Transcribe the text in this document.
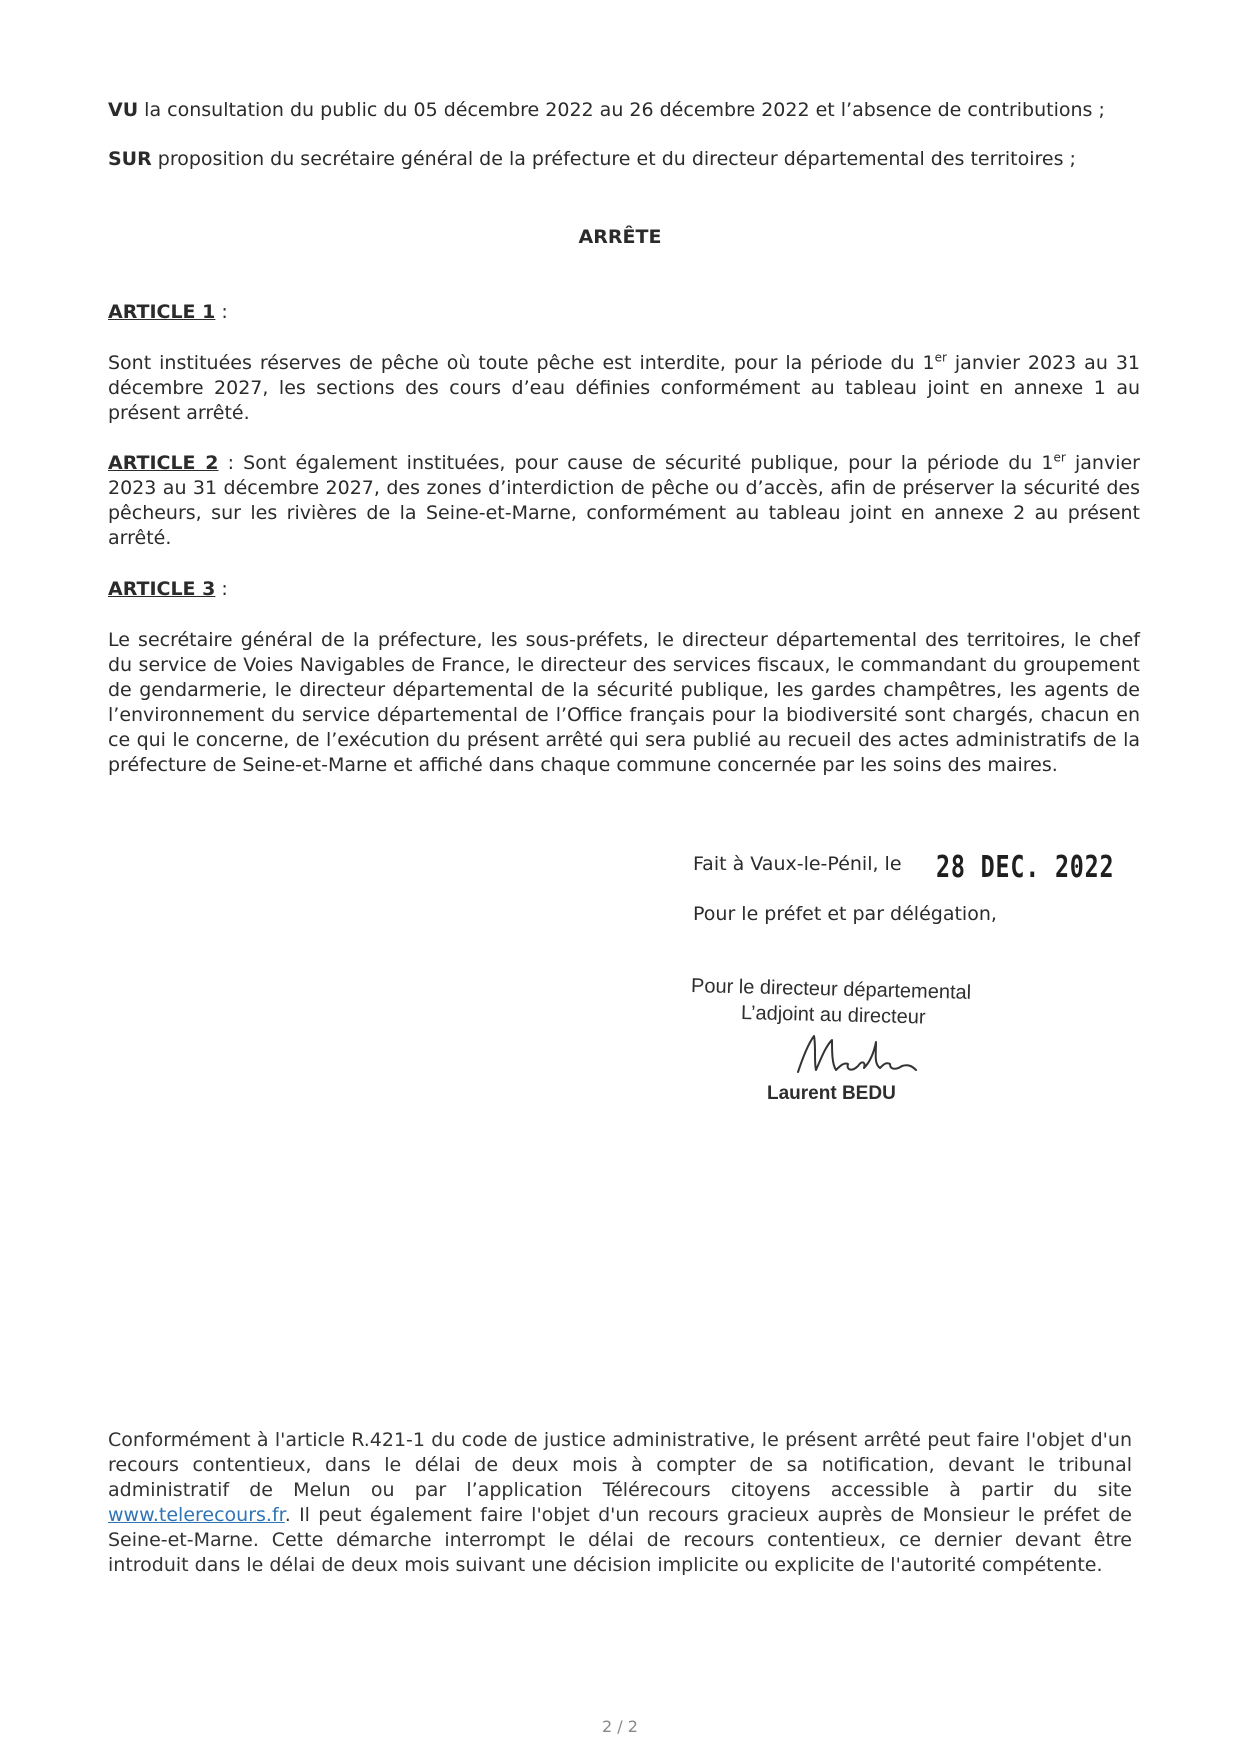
VU la consultation du public du 05 décembre 2022 au 26 décembre 2022 et l’absence de contributions ;
SUR proposition du secrétaire général de la préfecture et du directeur départemental des territoires ;
ARRÊTE
ARTICLE 1 :
Sont instituées réserves de pêche où toute pêche est interdite, pour la période du 1er janvier 2023 au 31 décembre 2027, les sections des cours d’eau définies conformément au tableau joint en annexe 1 au présent arrêté.
ARTICLE 2 : Sont également instituées, pour cause de sécurité publique, pour la période du 1er janvier 2023 au 31 décembre 2027, des zones d’interdiction de pêche ou d’accès, afin de préserver la sécurité des pêcheurs, sur les rivières de la Seine-et-Marne, conformément au tableau joint en annexe 2 au présent arrêté.
ARTICLE 3 :
Le secrétaire général de la préfecture, les sous-préfets, le directeur départemental des territoires, le chef du service de Voies Navigables de France, le directeur des services fiscaux, le commandant du groupement de gendarmerie, le directeur départemental de la sécurité publique, les gardes champêtres, les agents de l’environnement du service départemental de l’Office français pour la biodiversité sont chargés, chacun en ce qui le concerne, de l’exécution du présent arrêté qui sera publié au recueil des actes administratifs de la préfecture de Seine-et-Marne et affiché dans chaque commune concernée par les soins des maires.
Fait à Vaux-le-Pénil, le 28 DEC. 2022
Pour le préfet et par délégation,
Pour le directeur départemental
L’adjoint au directeur
Laurent BEDU
Conformément à l'article R.421-1 du code de justice administrative, le présent arrêté peut faire l'objet d'un recours contentieux, dans le délai de deux mois à compter de sa notification, devant le tribunal administratif de Melun ou par l’application Télérecours citoyens accessible à partir du site www.telerecours.fr. Il peut également faire l'objet d'un recours gracieux auprès de Monsieur le préfet de Seine-et-Marne. Cette démarche interrompt le délai de recours contentieux, ce dernier devant être introduit dans le délai de deux mois suivant une décision implicite ou explicite de l'autorité compétente.
2 / 2
